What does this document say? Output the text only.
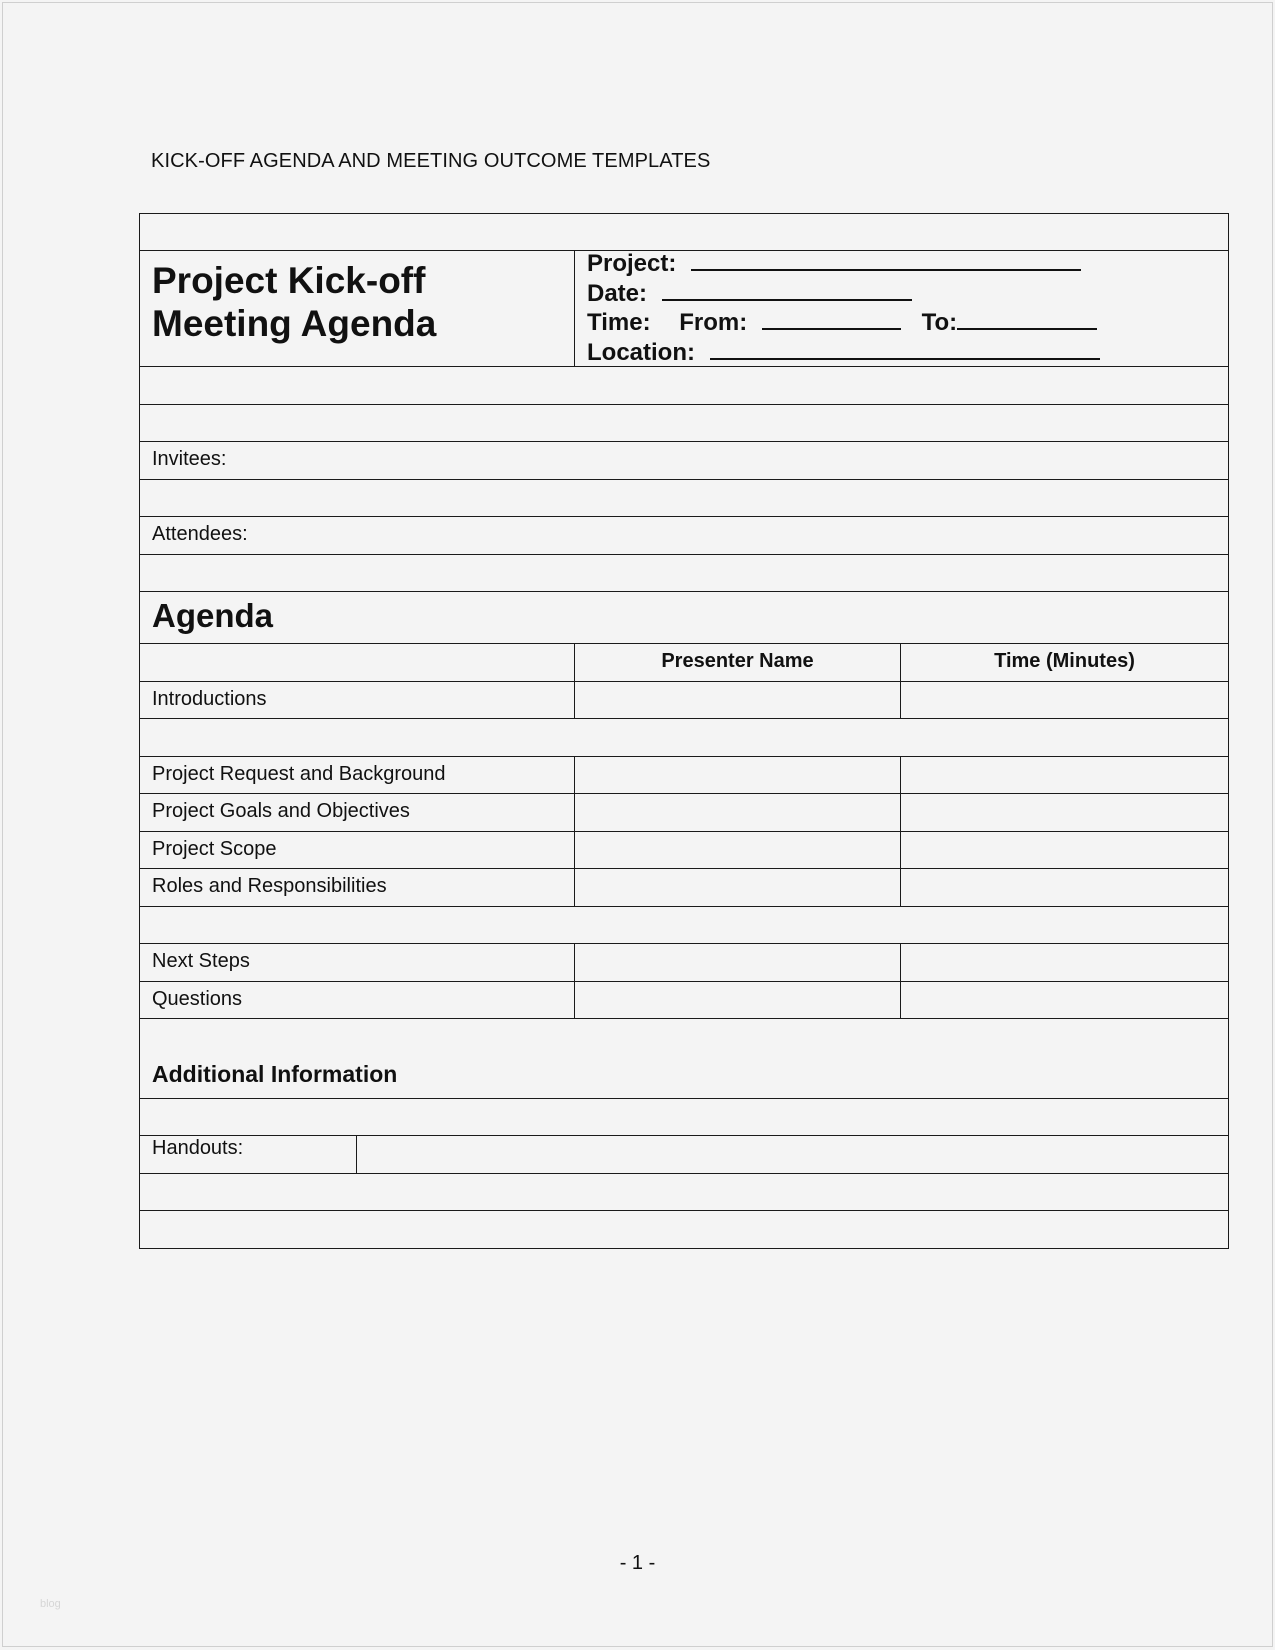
KICK-OFF AGENDA AND MEETING OUTCOME TEMPLATES
Project Kick-off
Meeting Agenda
Project:
Date:
Time: From:	To:
Location:
Invitees:
Attendees:
Agenda
Presenter Name	Time (Minutes)
Introductions
Project Request and Background
Project Goals and Objectives
Project Scope
Roles and Responsibilities
Next Steps
Questions
Additional Information
Handouts:
- 1 -
blog
